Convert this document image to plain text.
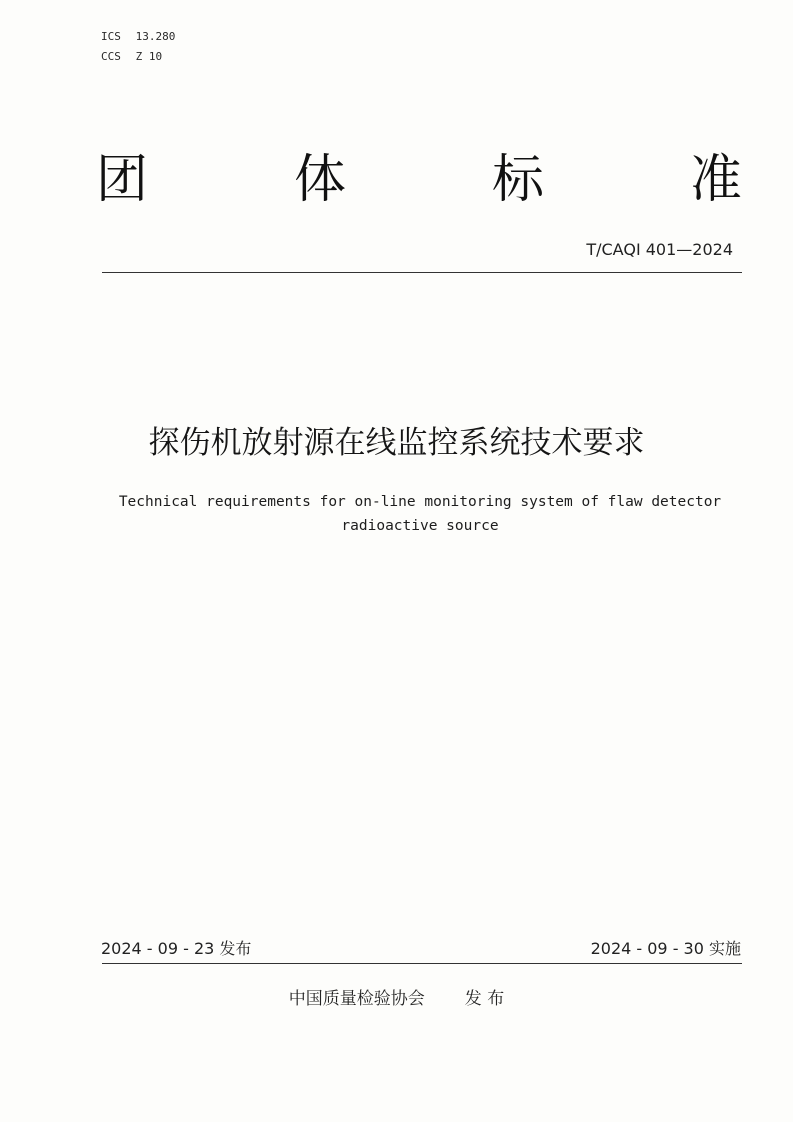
ICS 13.280
CCS Z 10
团	体	标	准
T/CAQI 401—2024
探伤机放射源在线监控系统技术要求
Technical requirements for on-line monitoring system of flaw detector
radioactive source
2024 - 09 - 23 发布	2024 - 09 - 30 实施
中国质量检验协会 发 布
